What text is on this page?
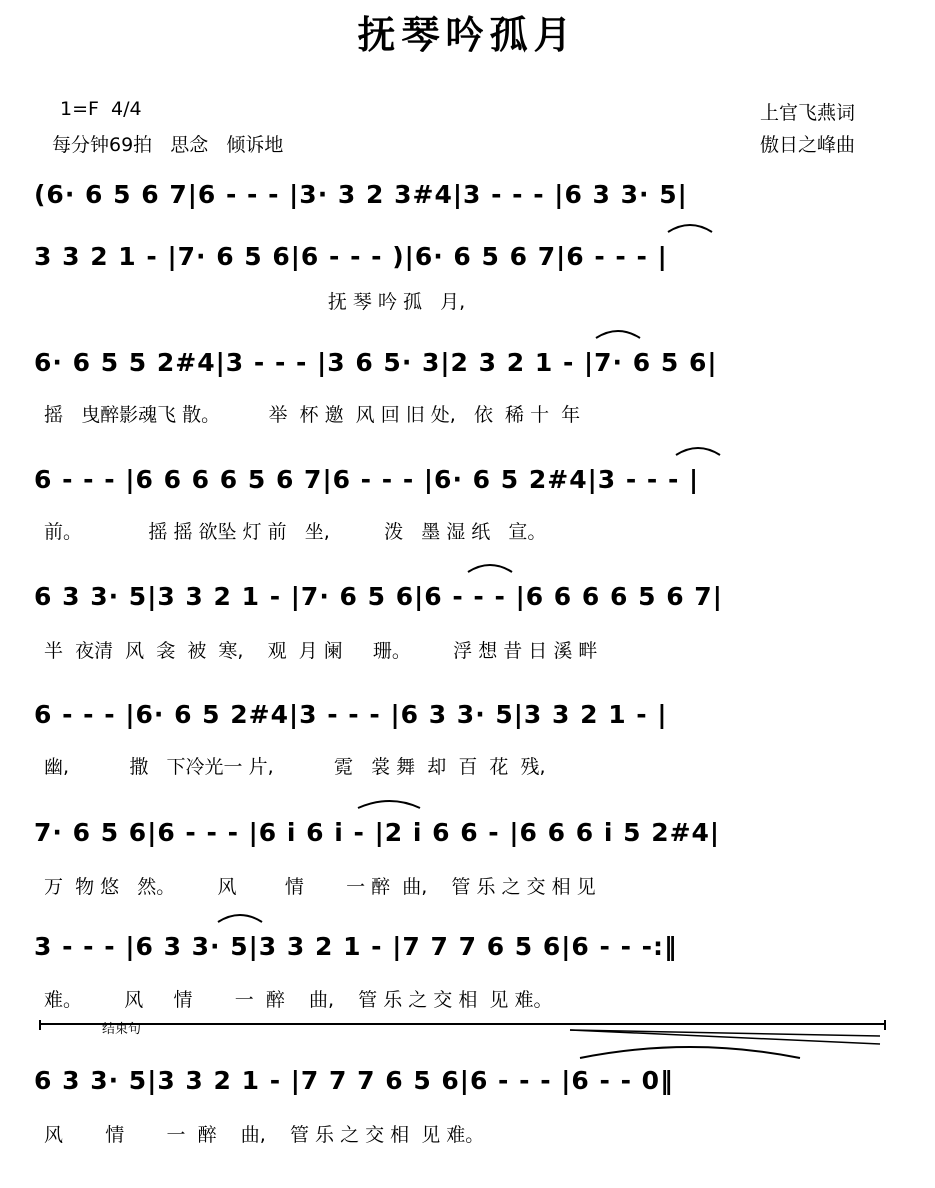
抚琴吟孤月
1=F  4/4
每分钟69拍   思念   倾诉地
上官飞燕词
傲日之峰曲
(6· 6 5 6 7|6 - - - |3· 3 2 3#4|3 - - - |6 3 3· 5|
3 3 2 1 - |7· 6 5 6|6 - - - )|6· 6 5 6 7|6 - - - |
抚 琴 吟 孤   月,
6· 6 5 5 2#4|3 - - - |3 6 5· 3|2 3 2 1 - |7· 6 5 6|
摇   曳醉影魂飞 散。        举  杯 邀  风 回 旧 处,   依  稀 十  年
6 - - - |6 6 6 6 5 6 7|6 - - - |6· 6 5 2#4|3 - - - |
前。           摇 摇 欲坠 灯 前   坐,         泼   墨 湿 纸   宣。
6 3 3· 5|3 3 2 1 - |7· 6 5 6|6 - - - |6 6 6 6 5 6 7|
半  夜清  风  衾  被  寒,    观  月 阑     珊。       浮 想 昔 日 溪 畔
6 - - - |6· 6 5 2#4|3 - - - |6 3 3· 5|3 3 2 1 - |
幽,          撒   下冷光一 片,          霓   裳 舞  却  百  花  残,
7· 6 5 6|6 - - - |6 i 6 i - |2 i 6 6 - |6 6 6 i 5 2#4|
万  物 悠   然。       风        情       一 醉  曲,    管 乐 之 交 相 见
3 - - - |6 3 3· 5|3 3 2 1 - |7 7 7 6 5 6|6 - - -:‖
难。       风     情       一  醉    曲,    管 乐 之 交 相  见 难。
结束句
6 3 3· 5|3 3 2 1 - |7 7 7 6 5 6|6 - - - |6 - - 0‖
风       情       一  醉    曲,    管 乐 之 交 相  见 难。
